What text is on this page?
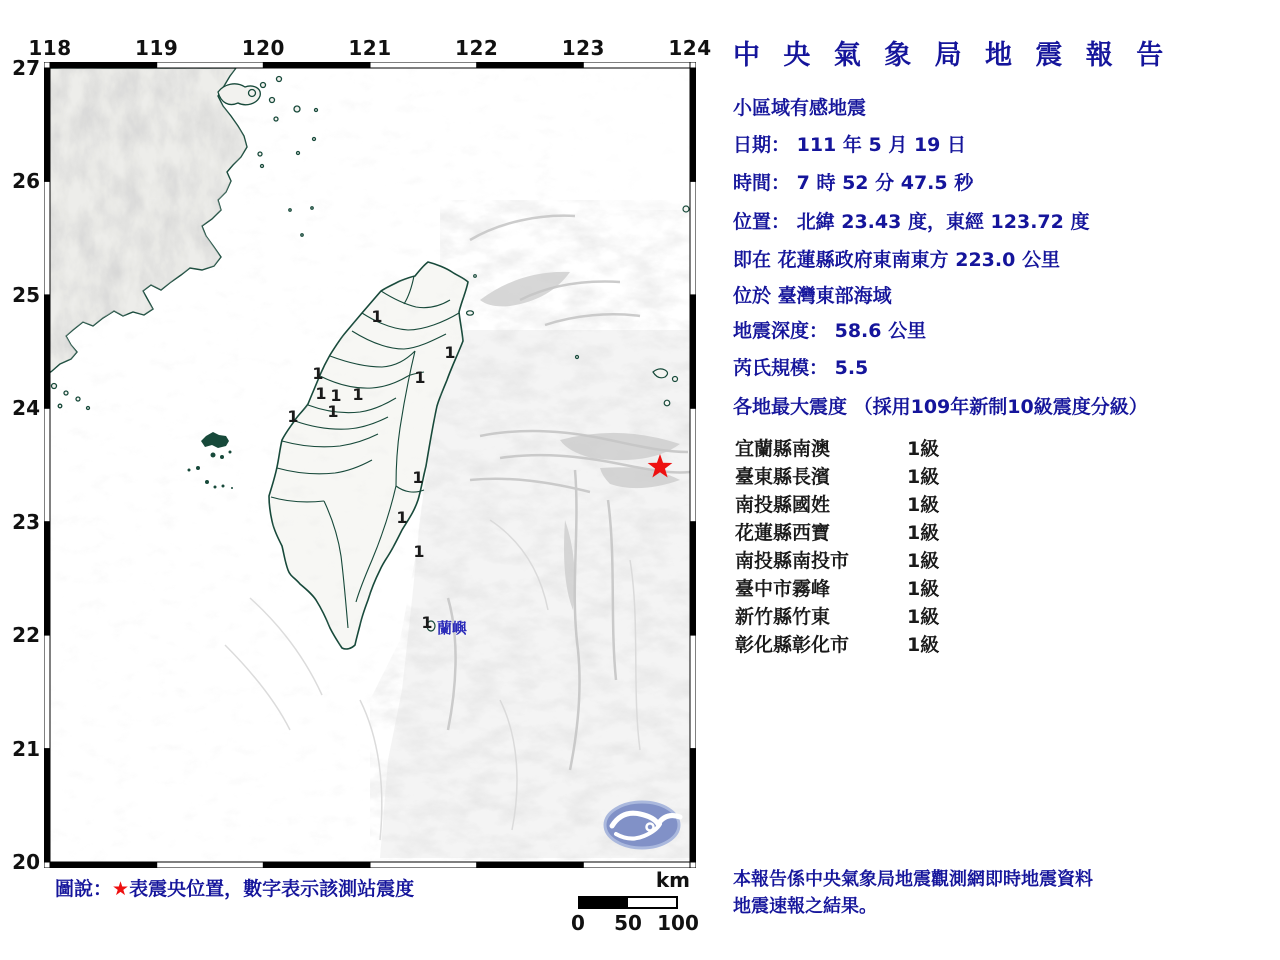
118	119	120	121	122	123	124
27
26
25
24
23
22
21
20
1
1
1
1
1 1 1
1
1
1
1
1
1 蘭嶼
中 央 氣 象 局 地 震 報 告
小區域有感地震
日期： 111 年 5 月 19 日
時間： 7 時 52 分 47.5 秒
位置： 北緯 23.43 度，東經 123.72 度
即在 花蓮縣政府東南東方 223.0 公里
位於 臺灣東部海域
地震深度： 58.6 公里
芮氏規模： 5.5
各地最大震度 （採用109年新制10級震度分級）
宜蘭縣南澳	1級
臺東縣長濱	1級
南投縣國姓	1級
花蓮縣西寶	1級
南投縣南投市	1級
臺中市霧峰	1級
新竹縣竹東	1級
彰化縣彰化市	1級
本報告係中央氣象局地震觀測網即時地震資料
地震速報之結果。
圖說：★表震央位置，數字表示該測站震度	km
0	50 100
